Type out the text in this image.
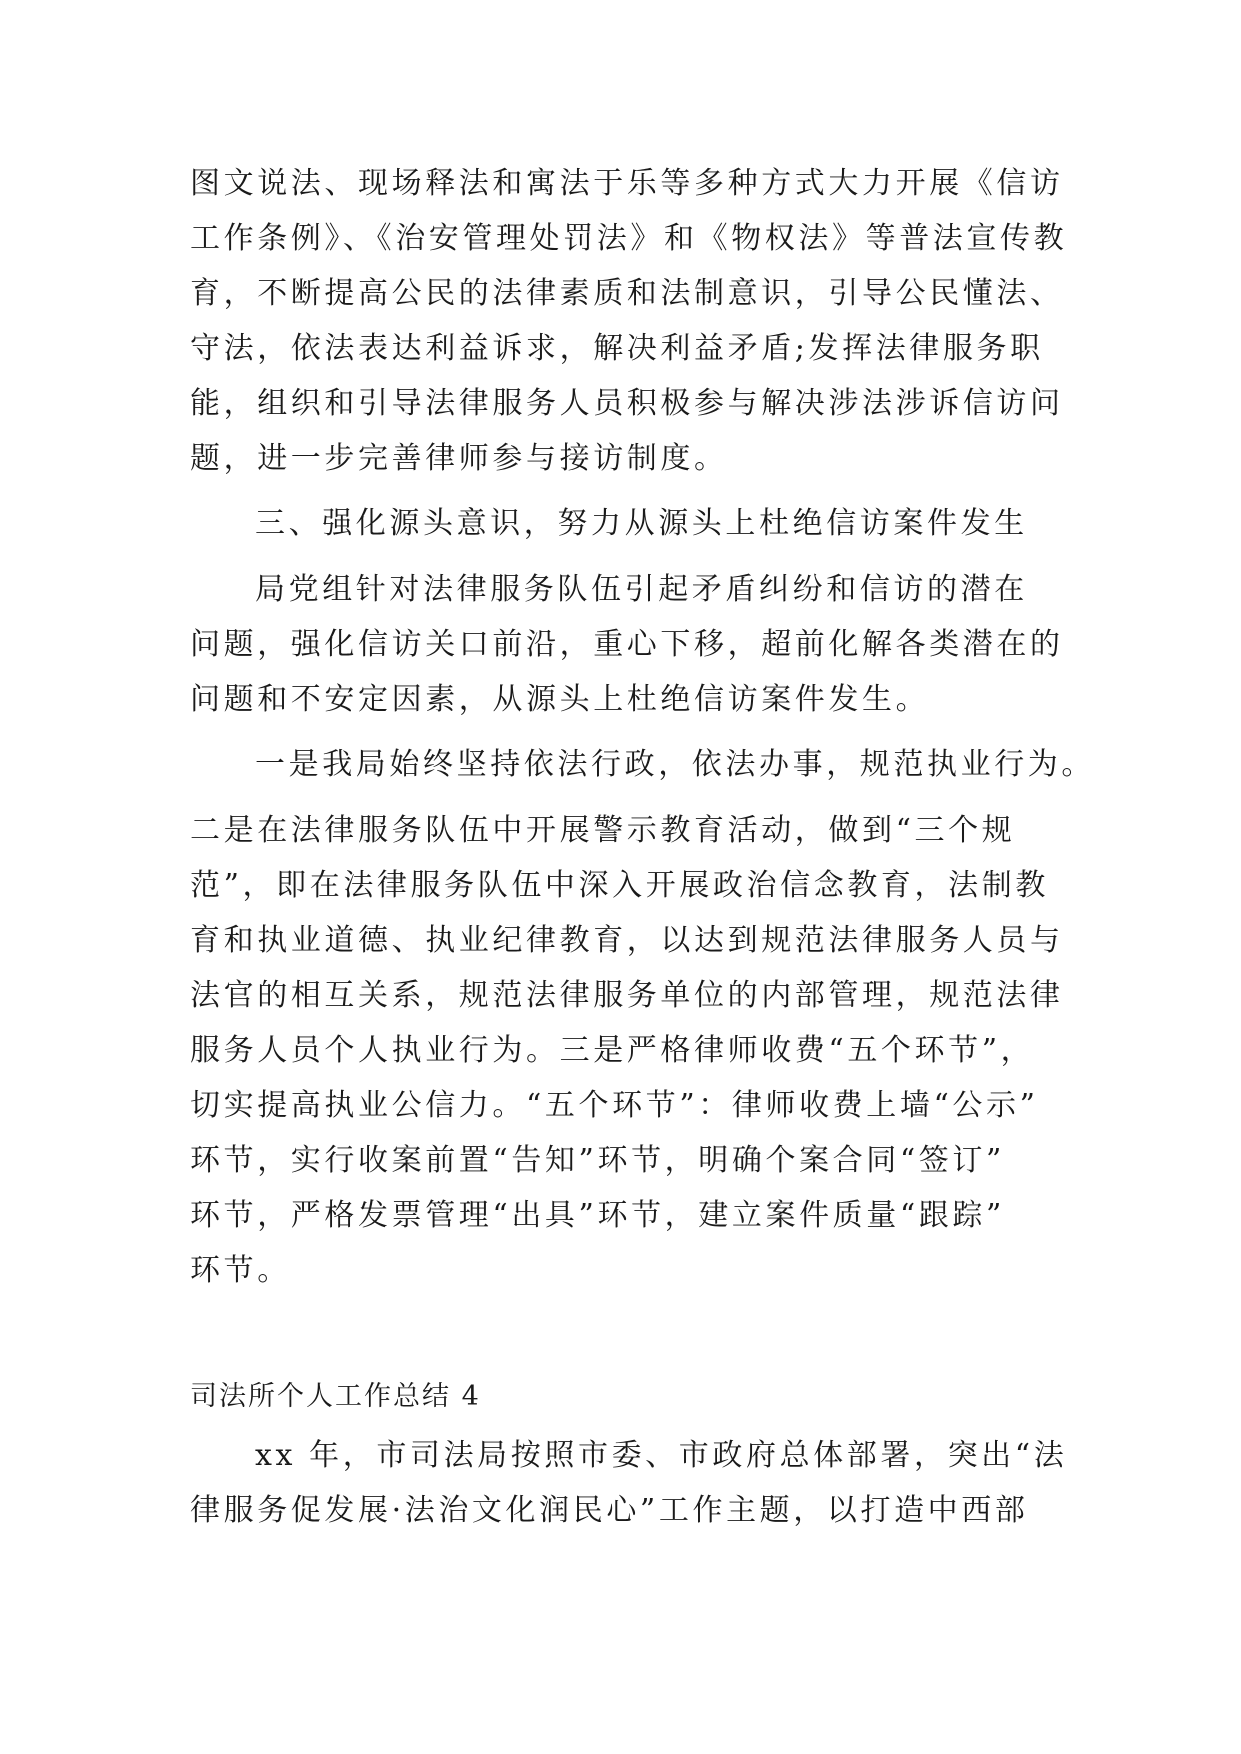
图文说法、现场释法和寓法于乐等多种方式大力开展《信访
工作条例》、《治安管理处罚法》和《物权法》等普法宣传教
育，不断提高公民的法律素质和法制意识，引导公民懂法、
守法，依法表达利益诉求，解决利益矛盾;发挥法律服务职
能，组织和引导法律服务人员积极参与解决涉法涉诉信访问
题，进一步完善律师参与接访制度。
三、强化源头意识，努力从源头上杜绝信访案件发生
局党组针对法律服务队伍引起矛盾纠纷和信访的潜在
问题，强化信访关口前沿，重心下移，超前化解各类潜在的
问题和不安定因素，从源头上杜绝信访案件发生。
一是我局始终坚持依法行政，依法办事，规范执业行为。
二是在法律服务队伍中开展警示教育活动，做到“三个规
范”，即在法律服务队伍中深入开展政治信念教育，法制教
育和执业道德、执业纪律教育，以达到规范法律服务人员与
法官的相互关系，规范法律服务单位的内部管理，规范法律
服务人员个人执业行为。三是严格律师收费“五个环节”，
切实提高执业公信力。“五个环节”：律师收费上墙“公示”
环节，实行收案前置“告知”环节，明确个案合同“签订”
环节，严格发票管理“出具”环节，建立案件质量“跟踪”
环节。
司法所个人工作总结 4
xx 年，市司法局按照市委、市政府总体部署，突出“法
律服务促发展·法治文化润民心”工作主题，以打造中西部
